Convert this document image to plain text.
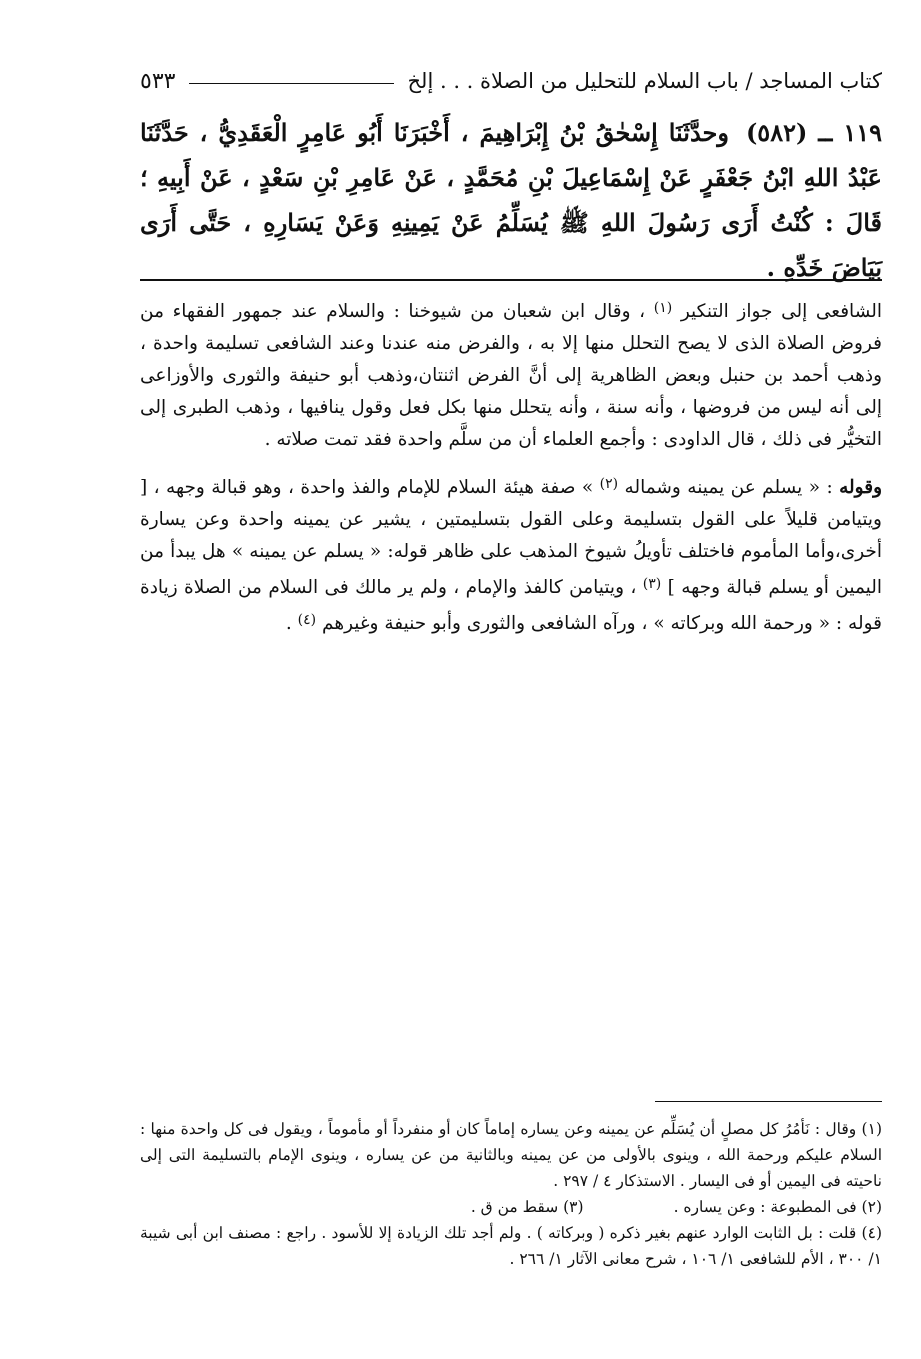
كتاب المساجد / باب السلام للتحليل من الصلاة . . . إلخ
٥٣٣
١١٩ ــ (٥٨٢) وحدَّثَنَا إِسْحٰقُ بْنُ إِبْرَاهِيمَ ، أَخْبَرَنَا أَبُو عَامِرٍ الْعَقَدِيُّ ، حَدَّثَنَا عَبْدُ اللهِ ابْنُ جَعْفَرٍ عَنْ إِسْمَاعِيلَ بْنِ مُحَمَّدٍ ، عَنْ عَامِرِ بْنِ سَعْدٍ ، عَنْ أَبِيهِ ؛ قَالَ : كُنْتُ أَرَى رَسُولَ اللهِ ﷺ يُسَلِّمُ عَنْ يَمِينِهِ وَعَنْ يَسَارِهِ ، حَتَّى أَرَى بَيَاضَ خَدِّهِ .

الشافعى إلى جواز التنكير $^{(١)}$ ، وقال ابن شعبان من شيوخنا : والسلام عند جمهور الفقهاء من فروض الصلاة الذى لا يصح التحلل منها إلا به ، والفرض منه عندنا وعند الشافعى تسليمة واحدة ، وذهب أحمد بن حنبل وبعض الظاهرية إلى أنَّ الفرض اثنتان،وذهب أبو حنيفة والثورى والأوزاعى إلى أنه ليس من فروضها ، وأنه سنة ، وأنه يتحلل منها بكل فعل وقول ينافيها ، وذهب الطبرى إلى التخيُّر فى ذلك ، قال الداودى : وأجمع العلماء أن من سلَّم واحدة فقد تمت صلاته .

وقوله : « يسلم عن يمينه وشماله $^{(٢)}$ » صفة هيئة السلام للإمام والفذ واحدة ، وهو قبالة وجهه ، [ ويتيامن قليلاً على القول بتسليمة وعلى القول بتسليمتين ، يشير عن يمينه واحدة وعن يسارة أخرى،وأما المأموم فاختلف تأويلُ شيوخ المذهب على ظاهر قوله: « يسلم عن يمينه » هل يبدأ من اليمين أو يسلم قبالة وجهه ] $^{(٣)}$ ، ويتيامن كالفذ والإمام ، ولم ير مالك فى السلام من الصلاة زيادة قوله : « ورحمة الله وبركاته » ، ورآه الشافعى والثورى وأبو حنيفة وغيرهم $^{(٤)}$ .

(١) وقال : نَأمُرُ كل مصلٍ أن يُسَلِّم عن يمينه وعن يساره إماماً كان أو منفرداً أو مأموماً ، ويقول فى كل واحدة منها : السلام عليكم ورحمة الله ، وينوى بالأولى من عن يمينه وبالثانية من عن يساره ، وينوى الإمام بالتسليمة التى إلى ناحيته فى اليمين أو فى اليسار . الاستذكار ٤ / ٢٩٧ .

(٢) فى المطبوعة : وعن يساره .

(٣) سقط من ق .

(٤) قلت : بل الثابت الوارد عنهم بغير ذكره ( وبركاته ) . ولم أجد تلك الزيادة إلا للأسود . راجع : مصنف ابن أبى شيبة ١/ ٣٠٠ ، الأم للشافعى ١/ ١٠٦ ، شرح معانى الآثار ١/ ٢٦٦ .
